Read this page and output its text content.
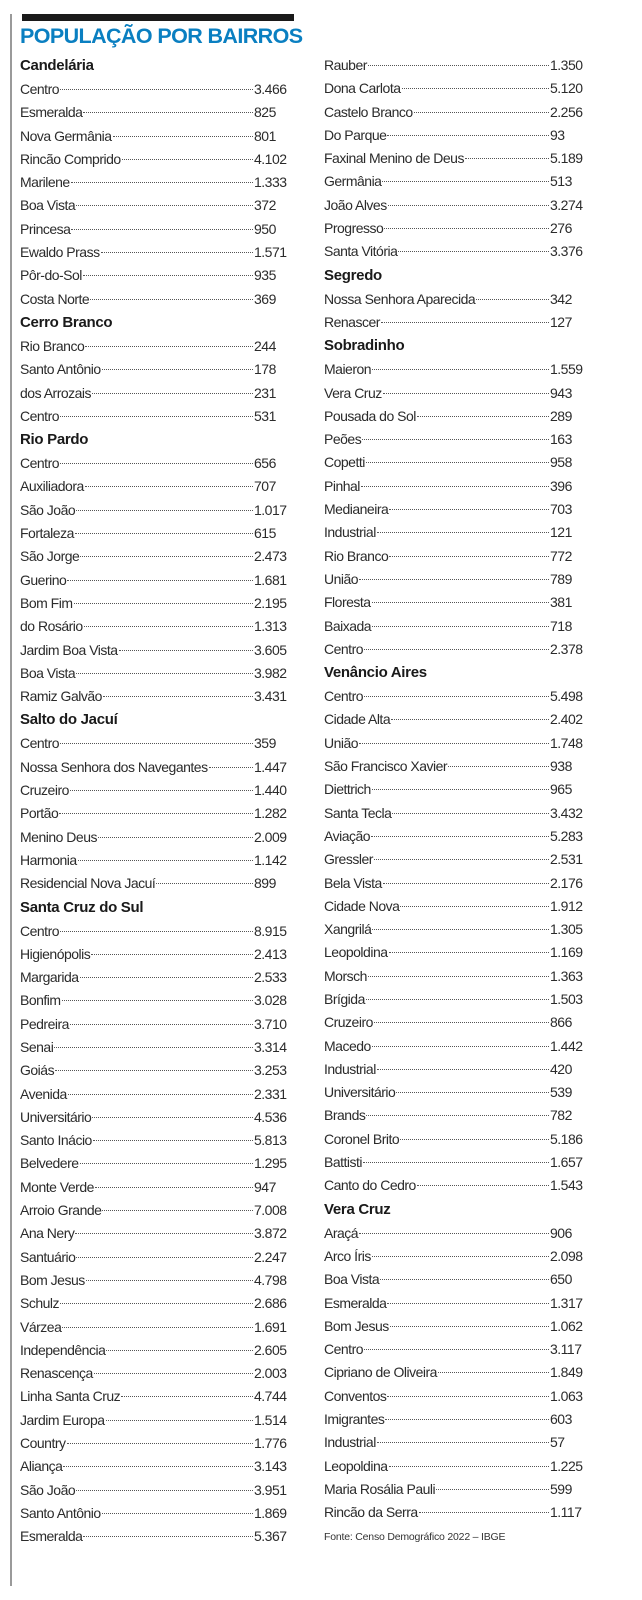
POPULAÇÃO POR BAIRROS
Candelária
Centro	3.466
Esmeralda	825
Nova Germânia	801
Rincão Comprido	4.102
Marilene	1.333
Boa Vista	372
Princesa	950
Ewaldo Prass	1.571
Pôr-do-Sol	935
Costa Norte	369
Cerro Branco
Rio Branco	244
Santo Antônio	178
dos Arrozais	231
Centro	531
Rio Pardo
Centro	656
Auxiliadora	707
São João	1.017
Fortaleza	615
São Jorge	2.473
Guerino	1.681
Bom Fim	2.195
do Rosário	1.313
Jardim Boa Vista	3.605
Boa Vista	3.982
Ramiz Galvão	3.431
Salto do Jacuí
Centro	359
Nossa Senhora dos Navegantes	1.447
Cruzeiro	1.440
Portão	1.282
Menino Deus	2.009
Harmonia	1.142
Residencial Nova Jacuí	899
Santa Cruz do Sul
Centro	8.915
Higienópolis	2.413
Margarida	2.533
Bonfim	3.028
Pedreira	3.710
Senai	3.314
Goiás	3.253
Avenida	2.331
Universitário	4.536
Santo Inácio	5.813
Belvedere	1.295
Monte Verde	947
Arroio Grande	7.008
Ana Nery	3.872
Santuário	2.247
Bom Jesus	4.798
Schulz	2.686
Várzea	1.691
Independência	2.605
Renascença	2.003
Linha Santa Cruz	4.744
Jardim Europa	1.514
Country	1.776
Aliança	3.143
São João	3.951
Santo Antônio	1.869
Esmeralda	5.367
Rauber	1.350
Dona Carlota	5.120
Castelo Branco	2.256
Do Parque	93
Faxinal Menino de Deus	5.189
Germânia	513
João Alves	3.274
Progresso	276
Santa Vitória	3.376
Segredo
Nossa Senhora Aparecida	342
Renascer	127
Sobradinho
Maieron	1.559
Vera Cruz	943
Pousada do Sol	289
Peões	163
Copetti	958
Pinhal	396
Medianeira	703
Industrial	121
Rio Branco	772
União	789
Floresta	381
Baixada	718
Centro	2.378
Venâncio Aires
Centro	5.498
Cidade Alta	2.402
União	1.748
São Francisco Xavier	938
Diettrich	965
Santa Tecla	3.432
Aviação	5.283
Gressler	2.531
Bela Vista	2.176
Cidade Nova	1.912
Xangrilá	1.305
Leopoldina	1.169
Morsch	1.363
Brígida	1.503
Cruzeiro	866
Macedo	1.442
Industrial	420
Universitário	539
Brands	782
Coronel Brito	5.186
Battisti	1.657
Canto do Cedro	1.543
Vera Cruz
Araçá	906
Arco Íris	2.098
Boa Vista	650
Esmeralda	1.317
Bom Jesus	1.062
Centro	3.117
Cipriano de Oliveira	1.849
Conventos	1.063
Imigrantes	603
Industrial	57
Leopoldina	1.225
Maria Rosália Pauli	599
Rincão da Serra	1.117
Fonte: Censo Demográfico 2022 – IBGE
